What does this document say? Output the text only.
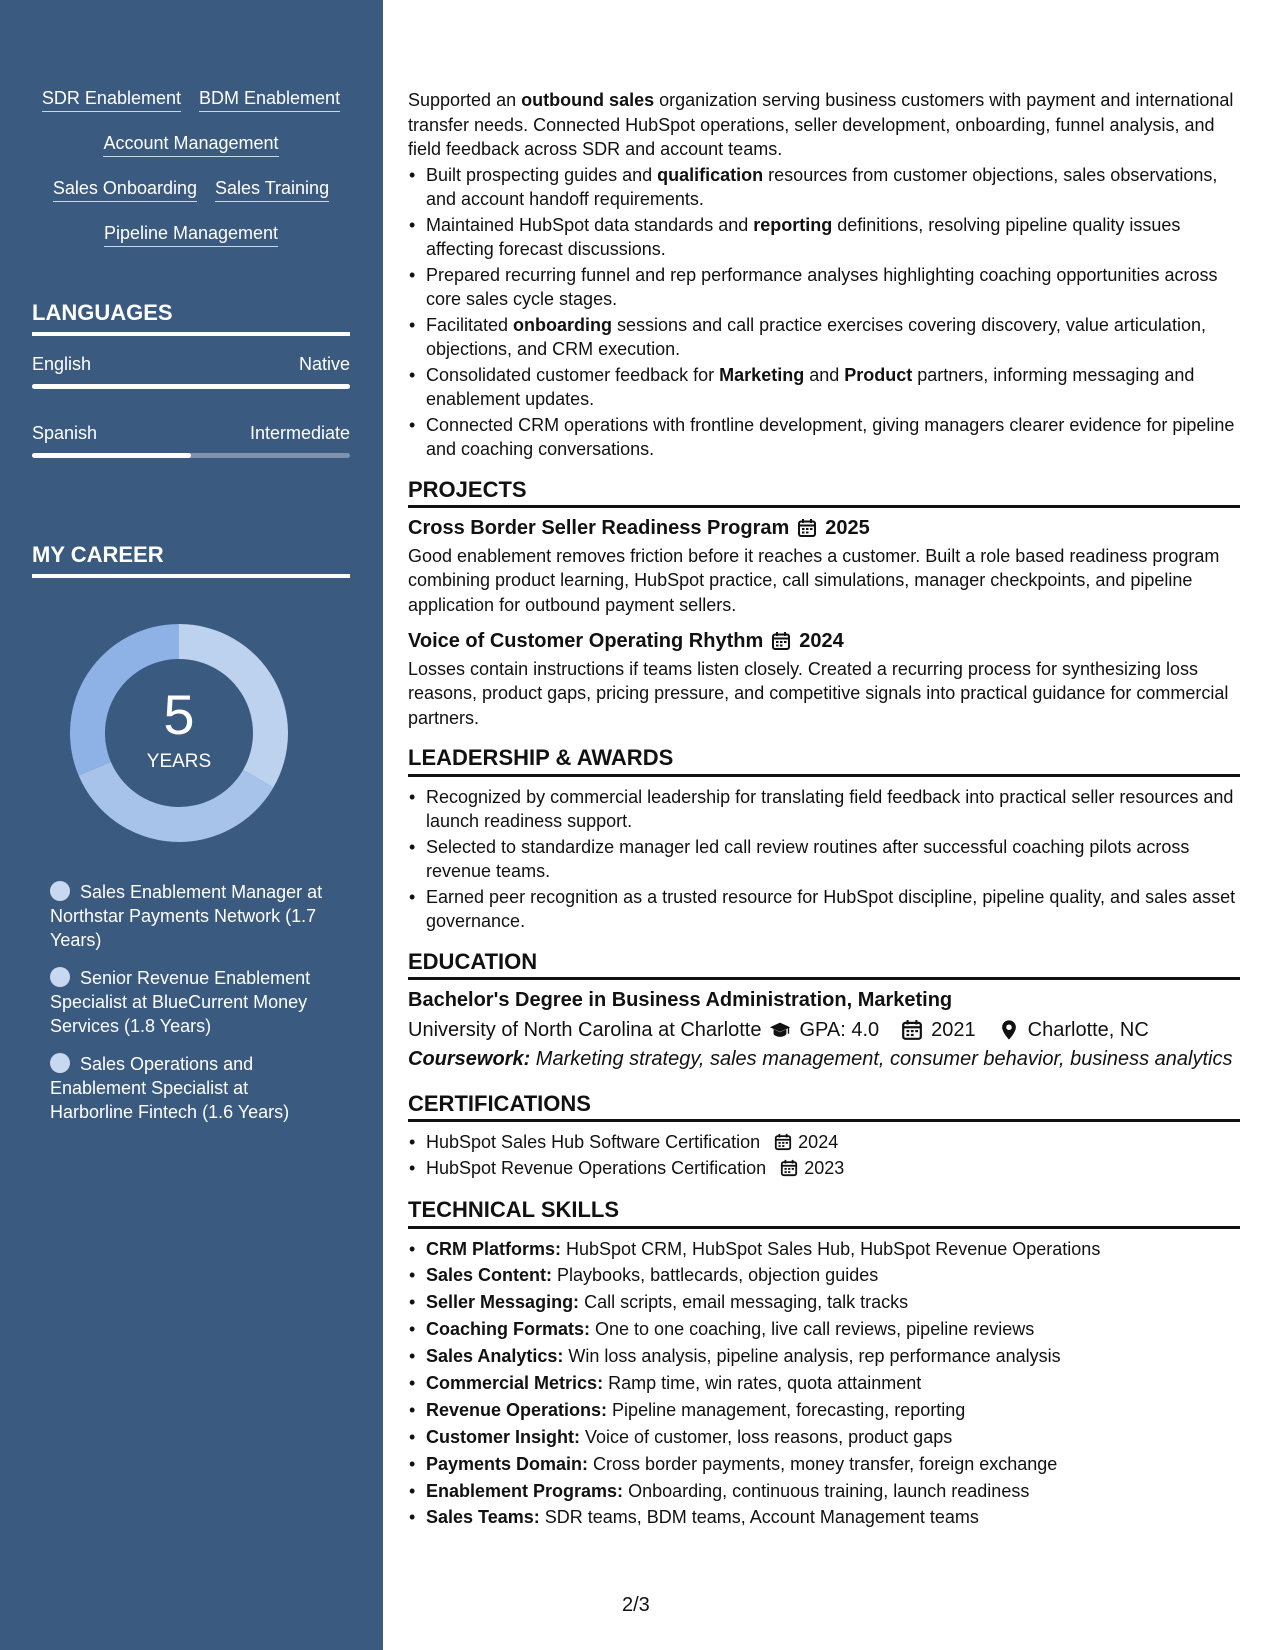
SDR Enablement BDM Enablement
Account Management
Sales Onboarding Sales Training
Pipeline Management
LANGUAGES
English	Native
Spanish	Intermediate
MY CAREER
5
YEARS
Sales Enablement Manager at Northstar Payments Network (1.7 Years)
Senior Revenue Enablement Specialist at BlueCurrent Money Services (1.8 Years)
Sales Operations and Enablement Specialist at Harborline Fintech (1.6 Years)

Supported an outbound sales organization serving business customers with payment and international transfer needs. Connected HubSpot operations, seller development, onboarding, funnel analysis, and field feedback across SDR and account teams.

• Built prospecting guides and qualification resources from customer objections, sales observations, and account handoff requirements.
• Maintained HubSpot data standards and reporting definitions, resolving pipeline quality issues affecting forecast discussions.
• Prepared recurring funnel and rep performance analyses highlighting coaching opportunities across core sales cycle stages.
• Facilitated onboarding sessions and call practice exercises covering discovery, value articulation, objections, and CRM execution.
• Consolidated customer feedback for Marketing and Product partners, informing messaging and enablement updates.
• Connected CRM operations with frontline development, giving managers clearer evidence for pipeline and coaching conversations.
PROJECTS
Cross Border Seller Readiness Program 2025

Good enablement removes friction before it reaches a customer. Built a role based readiness program combining product learning, HubSpot practice, call simulations, manager checkpoints, and pipeline application for outbound payment sellers.

Voice of Customer Operating Rhythm 2024

Losses contain instructions if teams listen closely. Created a recurring process for synthesizing loss reasons, product gaps, pricing pressure, and competitive signals into practical guidance for commercial partners.

LEADERSHIP & AWARDS
• Recognized by commercial leadership for translating field feedback into practical seller resources and launch readiness support.
• Selected to standardize manager led call review routines after successful coaching pilots across revenue teams.
• Earned peer recognition as a trusted resource for HubSpot discipline, pipeline quality, and sales asset governance.
EDUCATION
Bachelor's Degree in Business Administration, Marketing
University of North Carolina at Charlotte GPA: 4.0	2021	Charlotte, NC
Coursework: Marketing strategy, sales management, consumer behavior, business analytics
CERTIFICATIONS
• HubSpot Sales Hub Software Certification 2024
• HubSpot Revenue Operations Certification 2023
TECHNICAL SKILLS
• CRM Platforms: HubSpot CRM, HubSpot Sales Hub, HubSpot Revenue Operations
• Sales Content: Playbooks, battlecards, objection guides
• Seller Messaging: Call scripts, email messaging, talk tracks
• Coaching Formats: One to one coaching, live call reviews, pipeline reviews
• Sales Analytics: Win loss analysis, pipeline analysis, rep performance analysis
• Commercial Metrics: Ramp time, win rates, quota attainment
• Revenue Operations: Pipeline management, forecasting, reporting
• Customer Insight: Voice of customer, loss reasons, product gaps
• Payments Domain: Cross border payments, money transfer, foreign exchange
• Enablement Programs: Onboarding, continuous training, launch readiness
• Sales Teams: SDR teams, BDM teams, Account Management teams
2/3
